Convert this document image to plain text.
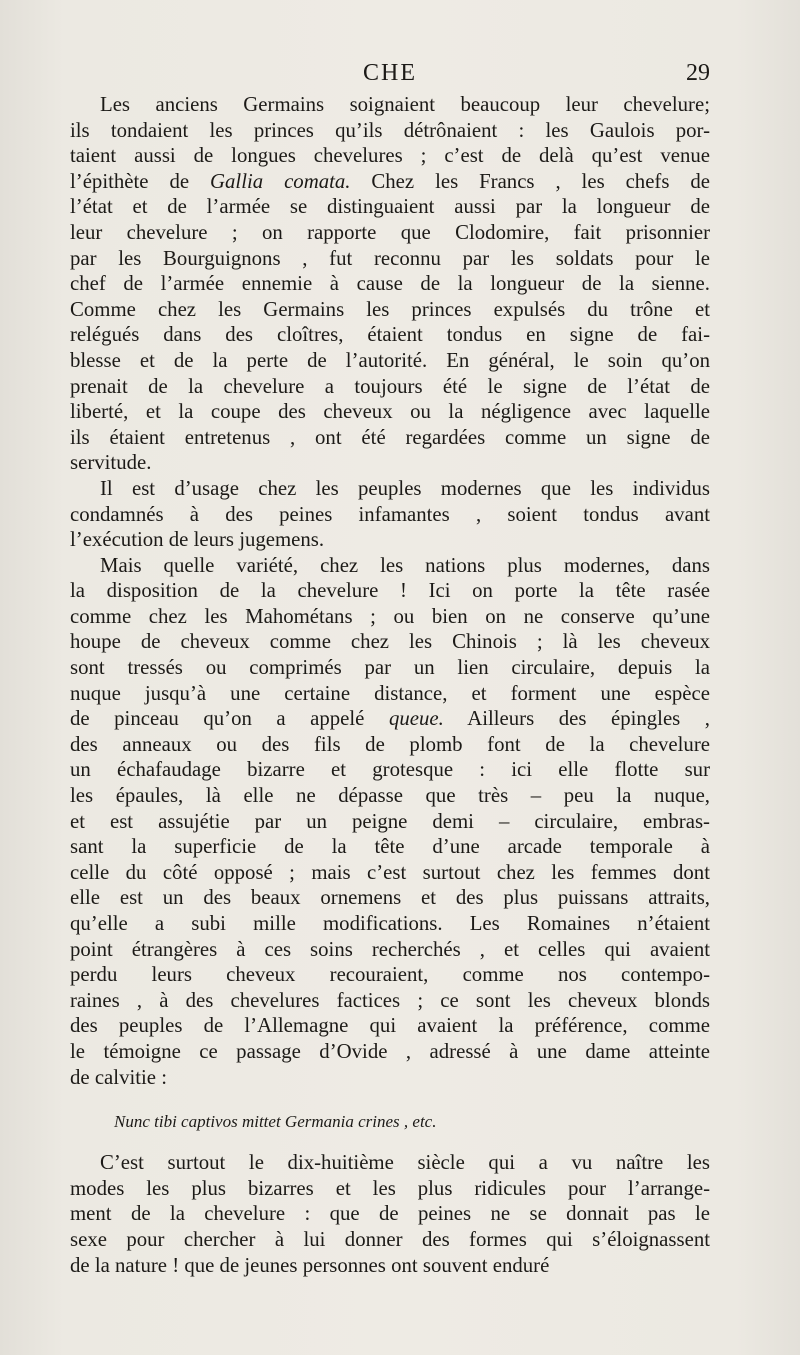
CHE	29
Les anciens Germains soignaient beaucoup leur chevelure;
ils tondaient les princes qu’ils détrônaient : les Gaulois por-
taient aussi de longues chevelures ; c’est de delà qu’est venue
l’épithète de Gallia comata. Chez les Francs , les chefs de
l’état et de l’armée se distinguaient aussi par la longueur de
leur chevelure ; on rapporte que Clodomire, fait prisonnier
par les Bourguignons , fut reconnu par les soldats pour le
chef de l’armée ennemie à cause de la longueur de la sienne.
Comme chez les Germains les princes expulsés du trône et
relégués dans des cloîtres, étaient tondus en signe de fai-
blesse et de la perte de l’autorité. En général, le soin qu’on
prenait de la chevelure a toujours été le signe de l’état de
liberté, et la coupe des cheveux ou la négligence avec laquelle
ils étaient entretenus , ont été regardées comme un signe de
servitude.
Il est d’usage chez les peuples modernes que les individus
condamnés à des peines infamantes , soient tondus avant
l’exécution de leurs jugemens.
Mais quelle variété, chez les nations plus modernes, dans
la disposition de la chevelure ! Ici on porte la tête rasée
comme chez les Mahométans ; ou bien on ne conserve qu’une
houpe de cheveux comme chez les Chinois ; là les cheveux
sont tressés ou comprimés par un lien circulaire, depuis la
nuque jusqu’à une certaine distance, et forment une espèce
de pinceau qu’on a appelé queue. Ailleurs des épingles ,
des anneaux ou des fils de plomb font de la chevelure
un échafaudage bizarre et grotesque : ici elle flotte sur
les épaules, là elle ne dépasse que très – peu la nuque,
et est assujétie par un peigne demi – circulaire, embras-
sant la superficie de la tête d’une arcade temporale à
celle du côté opposé ; mais c’est surtout chez les femmes dont
elle est un des beaux ornemens et des plus puissans attraits,
qu’elle a subi mille modifications. Les Romaines n’étaient
point étrangères à ces soins recherchés , et celles qui avaient
perdu leurs cheveux recouraient, comme nos contempo-
raines , à des chevelures factices ; ce sont les cheveux blonds
des peuples de l’Allemagne qui avaient la préférence, comme
le témoigne ce passage d’Ovide , adressé à une dame atteinte
de calvitie :
Nunc tibi captivos mittet Germania crines , etc.
C’est surtout le dix-huitième siècle qui a vu naître les
modes les plus bizarres et les plus ridicules pour l’arrange-
ment de la chevelure : que de peines ne se donnait pas le
sexe pour chercher à lui donner des formes qui s’éloignassent
de la nature ! que de jeunes personnes ont souvent enduré
